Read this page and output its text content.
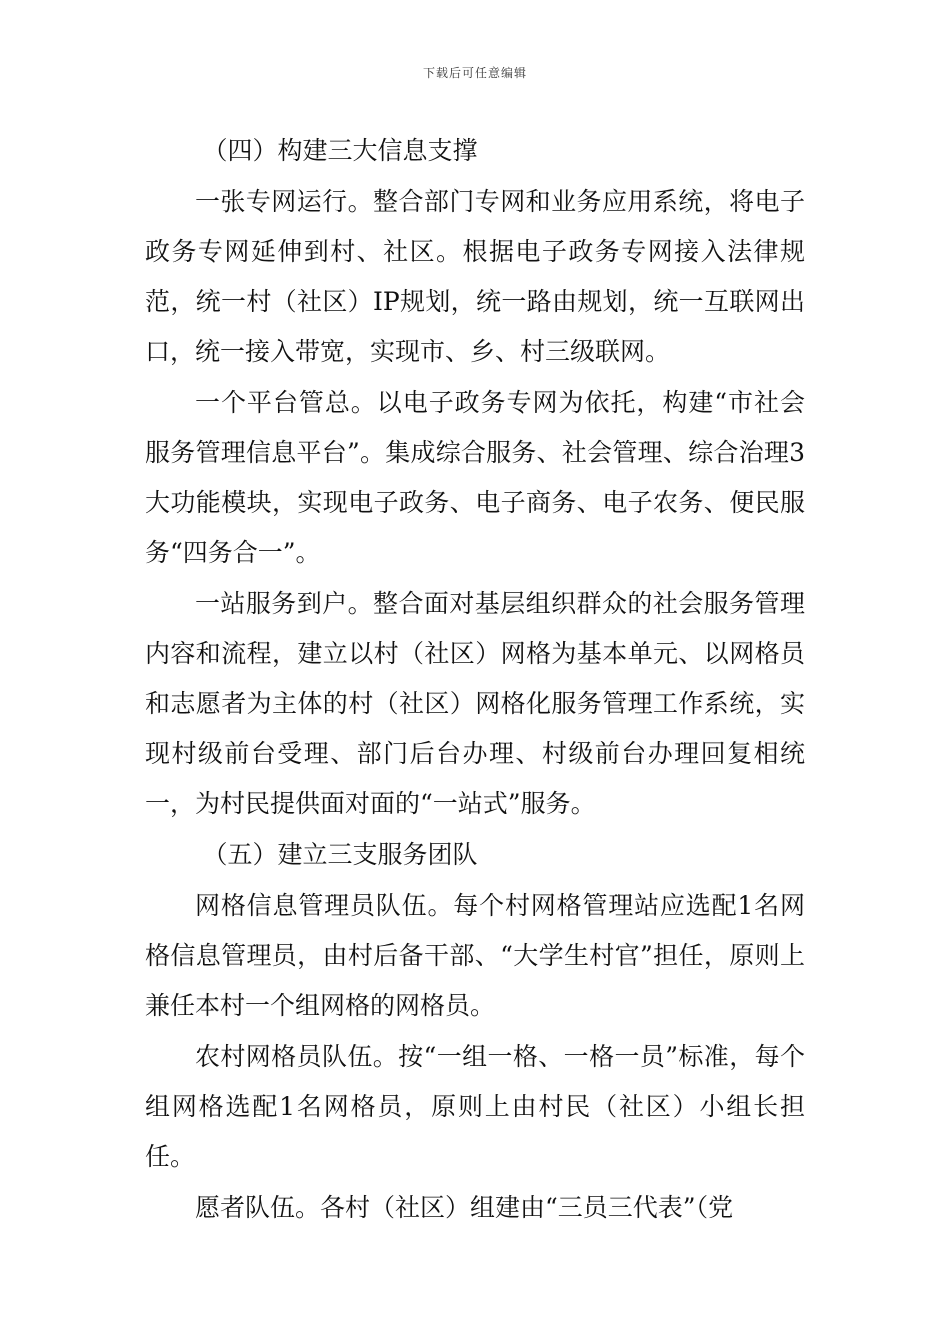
下载后可任意编辑

（四）构建三大信息支撑

一张专网运行。整合部门专网和业务应用系统，将电子政务专网延伸到村、社区。根据电子政务专网接入法律规范，统一村（社区）IP规划，统一路由规划，统一互联网出口，统一接入带宽，实现市、乡、村三级联网。

一个平台管总。以电子政务专网为依托，构建“市社会服务管理信息平台”。集成综合服务、社会管理、综合治理3大功能模块，实现电子政务、电子商务、电子农务、便民服务“四务合一”。

一站服务到户。整合面对基层组织群众的社会服务管理内容和流程，建立以村（社区）网格为基本单元、以网格员和志愿者为主体的村（社区）网格化服务管理工作系统，实现村级前台受理、部门后台办理、村级前台办理回复相统一，为村民提供面对面的“一站式”服务。

（五）建立三支服务团队

网格信息管理员队伍。每个村网格管理站应选配1名网格信息管理员，由村后备干部、“大学生村官”担任，原则上兼任本村一个组网格的网格员。

农村网格员队伍。按“一组一格、一格一员”标准，每个组网格选配1名网格员，原则上由村民（社区）小组长担任。

愿者队伍。各村（社区）组建由“三员三代表”（党
